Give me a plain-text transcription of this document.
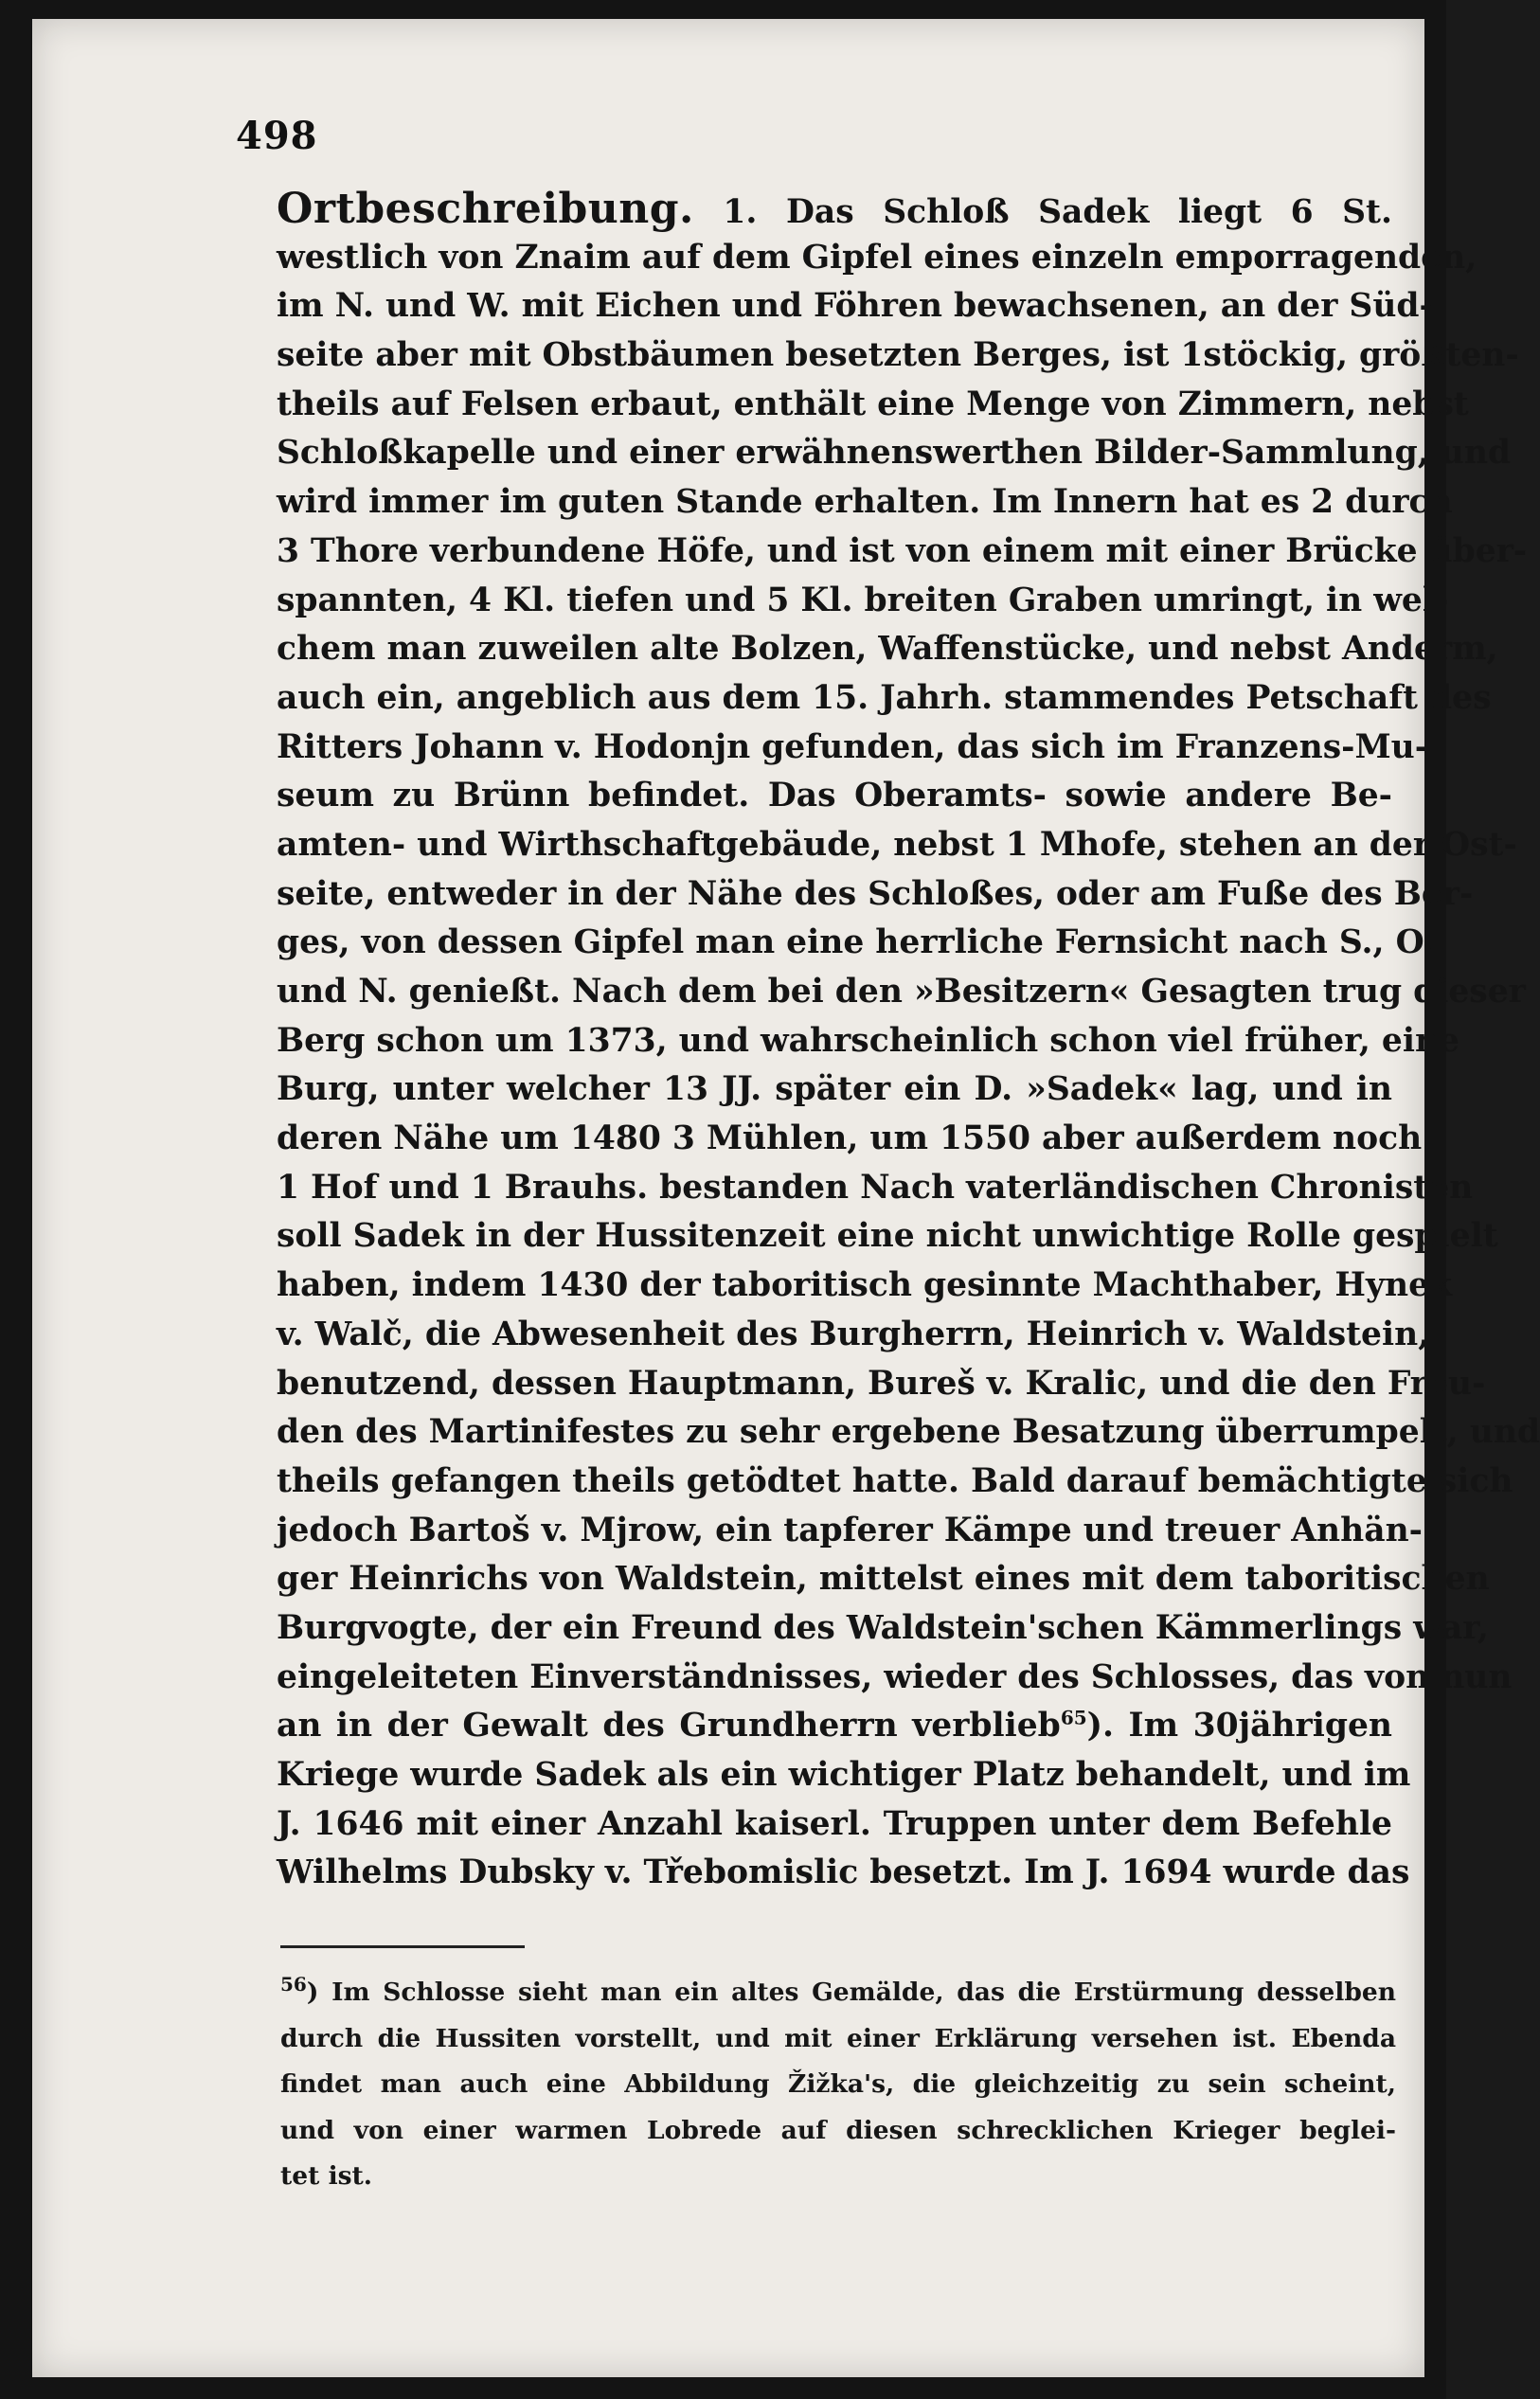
498
Ortbeschreibung. 1. Das Schloß Sadek liegt 6 St.
westlich von Znaim auf dem Gipfel eines einzeln emporragenden,
im N. und W. mit Eichen und Föhren bewachsenen, an der Süd-
seite aber mit Obstbäumen besetzten Berges, ist 1stöckig, größten-
theils auf Felsen erbaut, enthält eine Menge von Zimmern, nebst
Schloßkapelle und einer erwähnenswerthen Bilder-Sammlung, und
wird immer im guten Stande erhalten. Im Innern hat es 2 durch
3 Thore verbundene Höfe, und ist von einem mit einer Brücke über-
spannten, 4 Kl. tiefen und 5 Kl. breiten Graben umringt, in wel-
chem man zuweilen alte Bolzen, Waffenstücke, und nebst Anderm,
auch ein, angeblich aus dem 15. Jahrh. stammendes Petschaft des
Ritters Johann v. Hodonjn gefunden, das sich im Franzens-Mu-
seum zu Brünn befindet. Das Oberamts- sowie andere Be-
amten- und Wirthschaftgebäude, nebst 1 Mhofe, stehen an der Ost-
seite, entweder in der Nähe des Schloßes, oder am Fuße des Ber-
ges, von dessen Gipfel man eine herrliche Fernsicht nach S., O.
und N. genießt. Nach dem bei den »Besitzern« Gesagten trug dieser
Berg schon um 1373, und wahrscheinlich schon viel früher, eine
Burg, unter welcher 13 JJ. später ein D. »Sadek« lag, und in
deren Nähe um 1480 3 Mühlen, um 1550 aber außerdem noch
1 Hof und 1 Brauhs. bestanden Nach vaterländischen Chronisten
soll Sadek in der Hussitenzeit eine nicht unwichtige Rolle gespielt
haben, indem 1430 der taboritisch gesinnte Machthaber, Hynek
v. Walč, die Abwesenheit des Burgherrn, Heinrich v. Waldstein,
benutzend, dessen Hauptmann, Bureš v. Kralic, und die den Freu-
den des Martinifestes zu sehr ergebene Besatzung überrumpelt, und
theils gefangen theils getödtet hatte. Bald darauf bemächtigte sich
jedoch Bartoš v. Mjrow, ein tapferer Kämpe und treuer Anhän-
ger Heinrichs von Waldstein, mittelst eines mit dem taboritischen
Burgvogte, der ein Freund des Waldstein'schen Kämmerlings war,
eingeleiteten Einverständnisses, wieder des Schlosses, das von nun
an in der Gewalt des Grundherrn verblieb$^{65}$). Im 30jährigen
Kriege wurde Sadek als ein wichtiger Platz behandelt, und im
J. 1646 mit einer Anzahl kaiserl. Truppen unter dem Befehle
Wilhelms Dubsky v. Třebomislic besetzt. Im J. 1694 wurde das
$^{56}$) Im Schlosse sieht man ein altes Gemälde, das die Erstürmung desselben
durch die Hussiten vorstellt, und mit einer Erklärung versehen ist. Ebenda
findet man auch eine Abbildung Žižka's, die gleichzeitig zu sein scheint,
und von einer warmen Lobrede auf diesen schrecklichen Krieger beglei-
tet ist.
